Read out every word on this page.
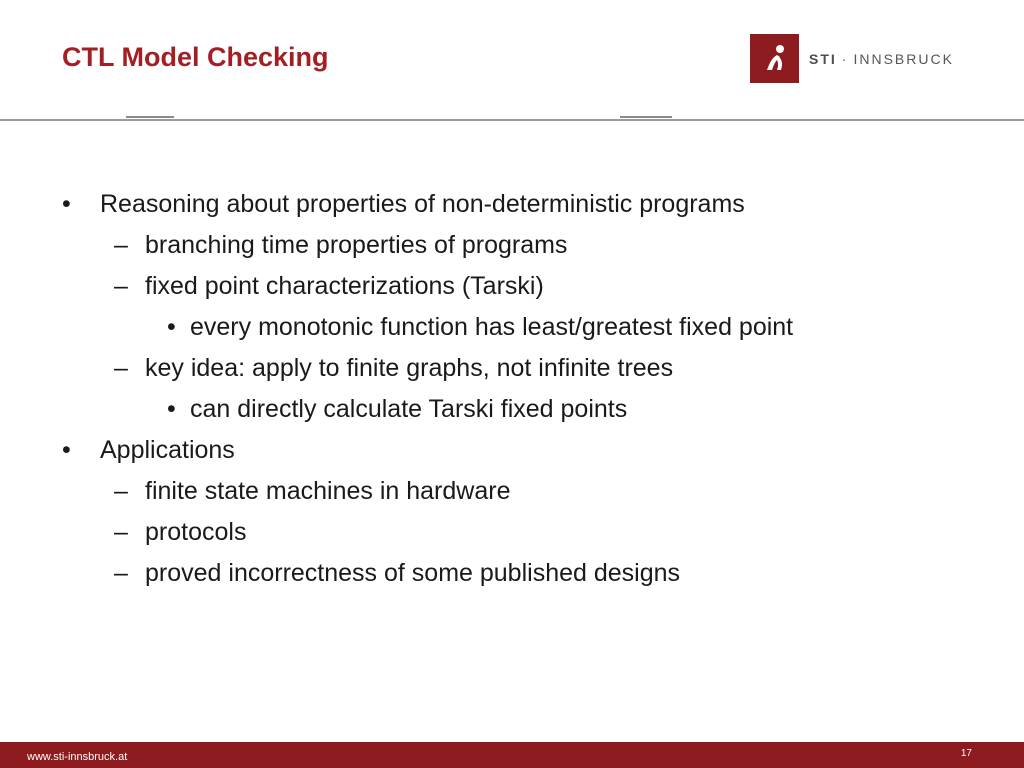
CTL Model Checking	STI · INNSBRUCK
• Reasoning about properties of non-deterministic programs
– branching time properties of programs
– fixed point characterizations (Tarski)
• every monotonic function has least/greatest fixed point
– key idea: apply to finite graphs, not infinite trees
• can directly calculate Tarski fixed points
• Applications
– finite state machines in hardware
– protocols
– proved incorrectness of some published designs
www.sti-innsbruck.at	17
